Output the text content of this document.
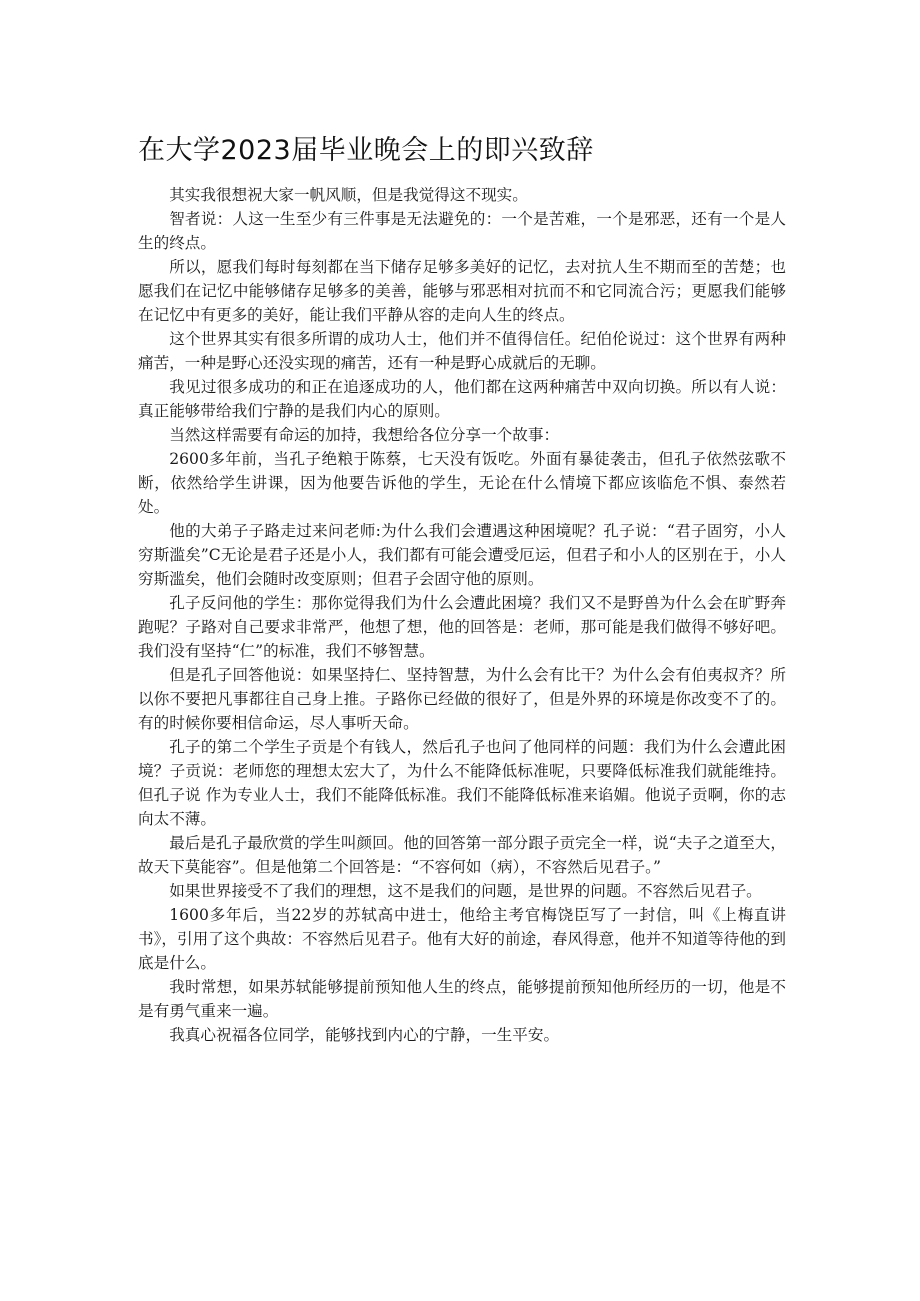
在大学2023届毕业晚会上的即兴致辞

其实我很想祝大家一帆风顺，但是我觉得这不现实。

智者说：人这一生至少有三件事是无法避免的：一个是苦难，一个是邪恶，还有一个是人生的终点。

所以，愿我们每时每刻都在当下储存足够多美好的记忆，去对抗人生不期而至的苦楚；也愿我们在记忆中能够储存足够多的美善，能够与邪恶相对抗而不和它同流合污；更愿我们能够在记忆中有更多的美好，能让我们平静从容的走向人生的终点。

这个世界其实有很多所谓的成功人士，他们并不值得信任。纪伯伦说过：这个世界有两种痛苦，一种是野心还没实现的痛苦，还有一种是野心成就后的无聊。

我见过很多成功的和正在追逐成功的人，他们都在这两种痛苦中双向切换。所以有人说：真正能够带给我们宁静的是我们内心的原则。

当然这样需要有命运的加持，我想给各位分享一个故事：

2600多年前，当孔子绝粮于陈蔡，七天没有饭吃。外面有暴徒袭击，但孔子依然弦歌不断，依然给学生讲课，因为他要告诉他的学生，无论在什么情境下都应该临危不惧、泰然若处。

他的大弟子子路走过来问老师:为什么我们会遭遇这种困境呢？孔子说：“君子固穷，小人穷斯滥矣”C无论是君子还是小人，我们都有可能会遭受厄运，但君子和小人的区别在于，小人穷斯滥矣，他们会随时改变原则；但君子会固守他的原则。

孔子反问他的学生：那你觉得我们为什么会遭此困境？我们又不是野兽为什么会在旷野奔跑呢？子路对自己要求非常严，他想了想，他的回答是：老师，那可能是我们做得不够好吧。我们没有坚持“仁”的标准，我们不够智慧。

但是孔子回答他说：如果坚持仁、坚持智慧，为什么会有比干？为什么会有伯夷叔齐？所以你不要把凡事都往自己身上推。子路你已经做的很好了，但是外界的环境是你改变不了的。有的时候你要相信命运，尽人事听天命。

孔子的第二个学生子贡是个有钱人，然后孔子也问了他同样的问题：我们为什么会遭此困境？子贡说：老师您的理想太宏大了，为什么不能降低标准呢，只要降低标准我们就能维持。但孔子说 作为专业人士，我们不能降低标准。我们不能降低标准来谄媚。他说子贡啊，你的志向太不薄。

最后是孔子最欣赏的学生叫颜回。他的回答第一部分跟子贡完全一样，说“夫子之道至大，故天下莫能容”。但是他第二个回答是：“不容何如（病），不容然后见君子。”

如果世界接受不了我们的理想，这不是我们的问题，是世界的问题。不容然后见君子。

1600多年后，当22岁的苏轼高中进士，他给主考官梅饶臣写了一封信，叫《上梅直讲书》，引用了这个典故：不容然后见君子。他有大好的前途，春风得意，他并不知道等待他的到底是什么。

我时常想，如果苏轼能够提前预知他人生的终点，能够提前预知他所经历的一切，他是不是有勇气重来一遍。

我真心祝福各位同学，能够找到内心的宁静，一生平安。
